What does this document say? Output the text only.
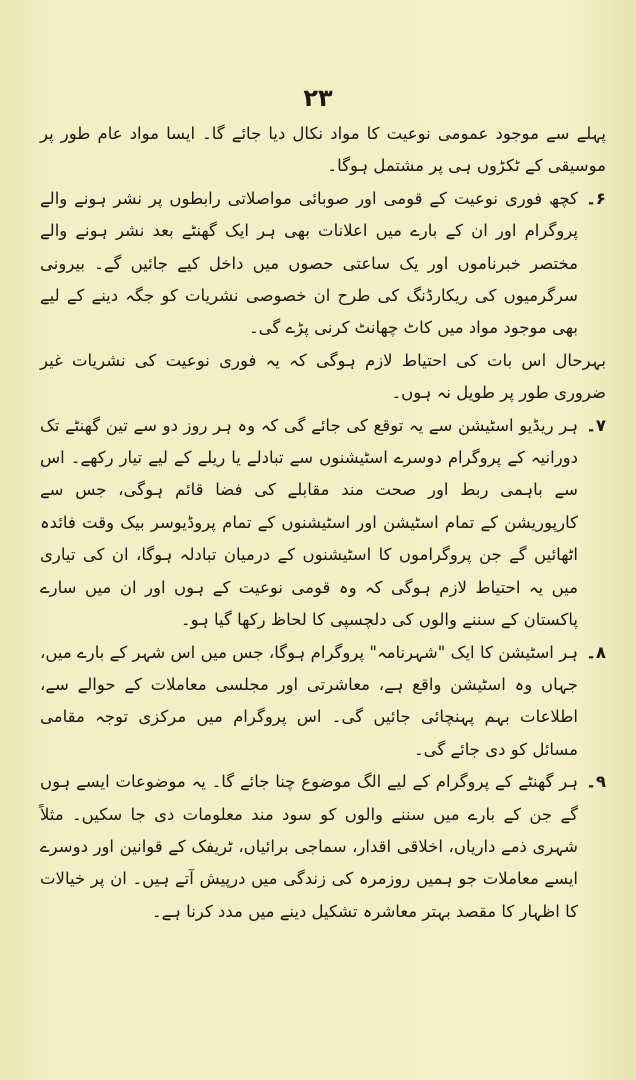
۲۳

پہلے سے موجود عمومی نوعیت کا مواد نکال دیا جائے گا۔ ایسا مواد عام طور پر موسیقی کے ٹکڑوں ہی پر مشتمل ہوگا۔

۶۔
کچھ فوری نوعیت کے قومی اور صوبائی مواصلاتی رابطوں پر نشر ہونے والے پروگرام اور ان کے بارے میں اعلانات بھی ہر ایک گھنٹے بعد نشر ہونے والے مختصر خبرناموں اور یک ساعتی حصوں میں داخل کیے جائیں گے۔ بیرونی سرگرمیوں کی ریکارڈنگ کی طرح ان خصوصی نشریات کو جگہ دینے کے لیے بھی موجود مواد میں کاٹ چھانٹ کرنی پڑے گی۔

بہرحال اس بات کی احتیاط لازم ہوگی کہ یہ فوری نوعیت کی نشریات غیر ضروری طور پر طویل نہ ہوں۔

۷۔
ہر ریڈیو اسٹیشن سے یہ توقع کی جائے گی کہ وہ ہر روز دو سے تین گھنٹے تک دورانیہ کے پروگرام دوسرے اسٹیشنوں سے تبادلے یا ریلے کے لیے تیار رکھے۔ اس سے باہمی ربط اور صحت مند مقابلے کی فضا قائم ہوگی، جس سے کارپوریشن کے تمام اسٹیشن اور اسٹیشنوں کے تمام پروڈیوسر بیک وقت فائدہ اٹھائیں گے جن پروگراموں کا اسٹیشنوں کے درمیان تبادلہ ہوگا، ان کی تیاری میں یہ احتیاط لازم ہوگی کہ وہ قومی نوعیت کے ہوں اور ان میں سارے پاکستان کے سننے والوں کی دلچسپی کا لحاظ رکھا گیا ہو۔

۸۔
ہر اسٹیشن کا ایک "شہرنامہ" پروگرام ہوگا، جس میں اس شہر کے بارے میں، جہاں وہ اسٹیشن واقع ہے، معاشرتی اور مجلسی معاملات کے حوالے سے، اطلاعات بہم پہنچائی جائیں گی۔ اس پروگرام میں مرکزی توجہ مقامی مسائل کو دی جائے گی۔

۹۔
ہر گھنٹے کے پروگرام کے لیے الگ موضوع چنا جائے گا۔ یہ موضوعات ایسے ہوں گے جن کے بارے میں سننے والوں کو سود مند معلومات دی جا سکیں۔ مثلاً شہری ذمے داریاں، اخلاقی اقدار، سماجی برائیاں، ٹریفک کے قوانین اور دوسرے ایسے معاملات جو ہمیں روزمرہ کی زندگی میں درپیش آتے ہیں۔ ان پر خیالات کا اظہار کا مقصد بہتر معاشرہ تشکیل دینے میں مدد کرنا ہے۔
